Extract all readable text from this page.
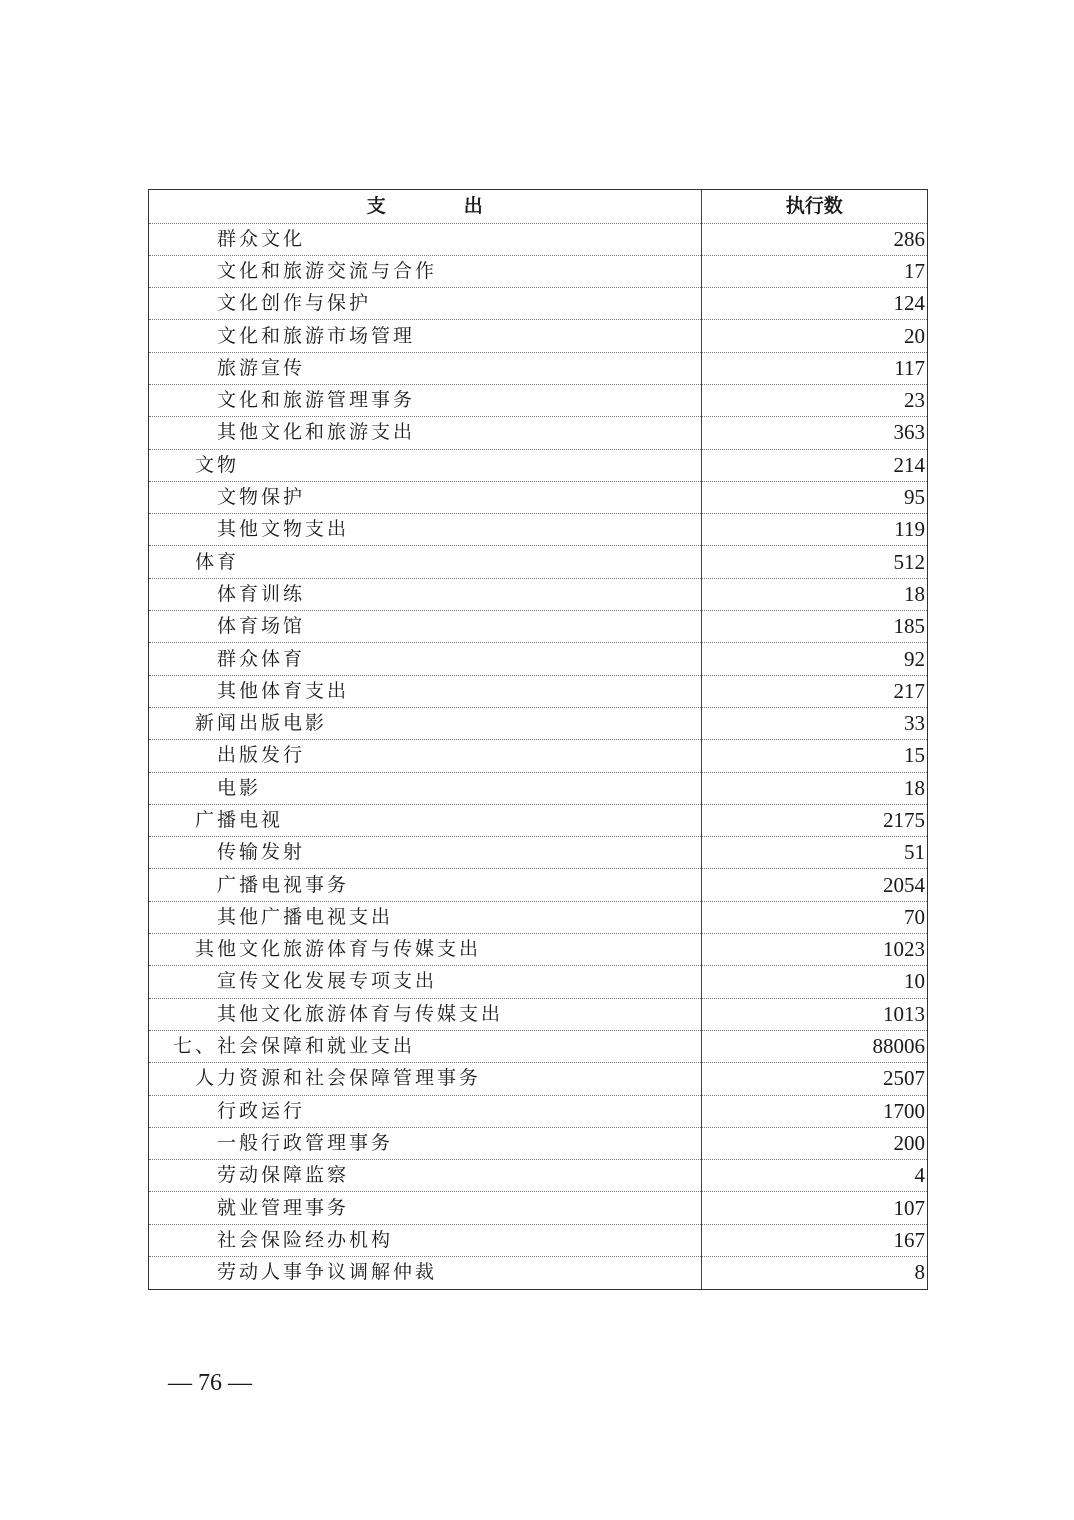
支 出	执行数
群众文化	286
文化和旅游交流与合作	17
文化创作与保护	124
文化和旅游市场管理	20
旅游宣传	117
文化和旅游管理事务	23
其他文化和旅游支出	363
文物	214
文物保护	95
其他文物支出	119
体育	512
体育训练	18
体育场馆	185
群众体育	92
其他体育支出	217
新闻出版电影	33
出版发行	15
电影	18
广播电视	2175
传输发射	51
广播电视事务	2054
其他广播电视支出	70
其他文化旅游体育与传媒支出	1023
宣传文化发展专项支出	10
其他文化旅游体育与传媒支出	1013
七、社会保障和就业支出	88006
人力资源和社会保障管理事务	2507
行政运行	1700
一般行政管理事务	200
劳动保障监察	4
就业管理事务	107
社会保险经办机构	167
劳动人事争议调解仲裁	8
— 76 —
